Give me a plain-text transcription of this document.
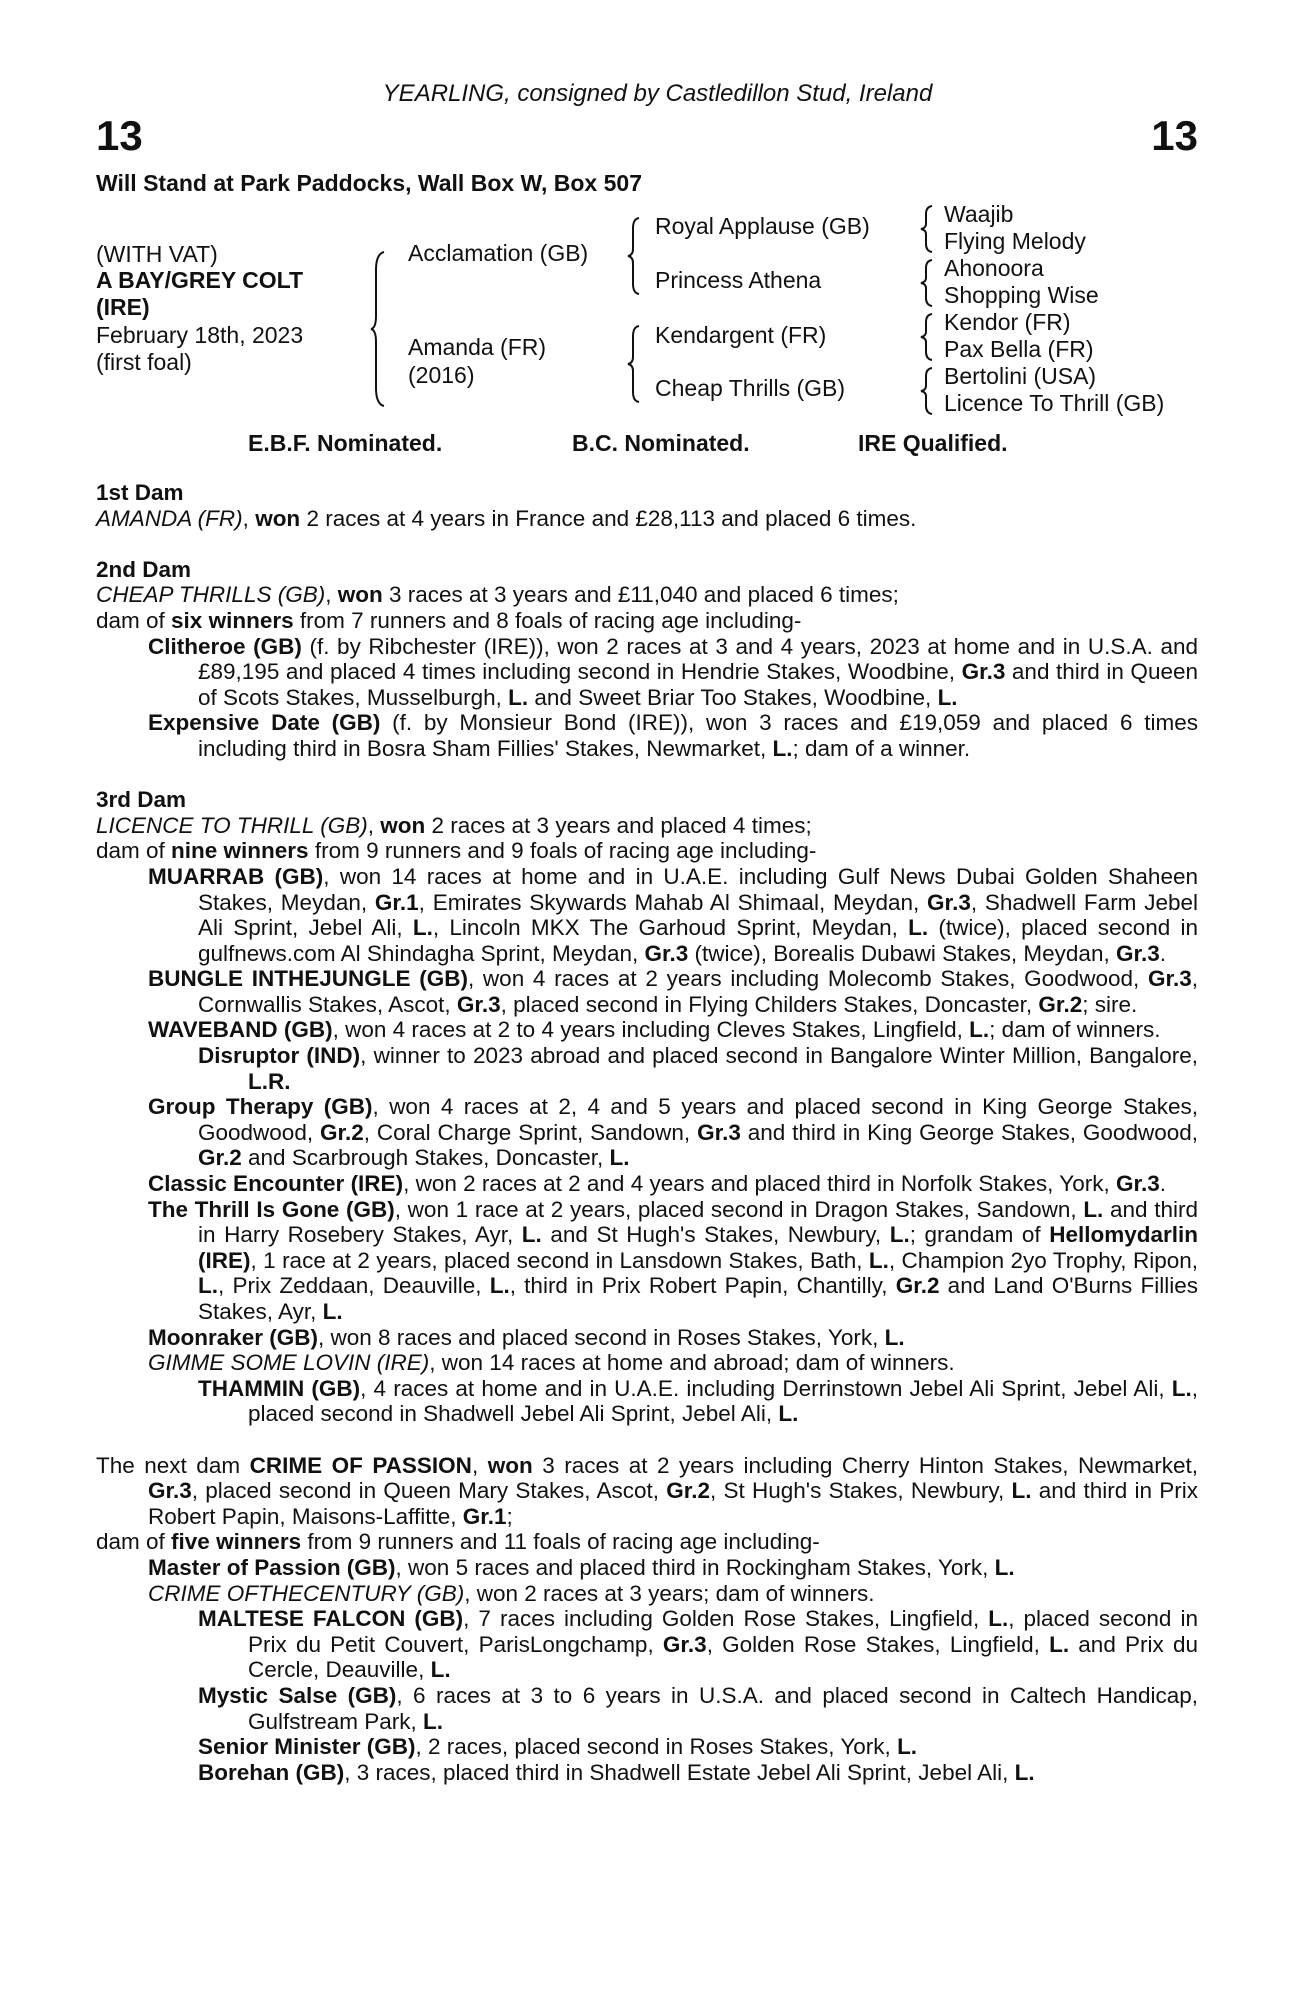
YEARLING, consigned by Castledillon Stud, Ireland
13	13
Will Stand at Park Paddocks, Wall Box W, Box 507
(WITH VAT)
A BAY/GREY COLT
(IRE)
February 18th, 2023
(first foal)
Acclamation (GB)
Amanda (FR)
(2016)
Royal Applause (GB)
Princess Athena
Kendargent (FR)
Cheap Thrills (GB)
Waajib
Flying Melody
Ahonoora
Shopping Wise
Kendor (FR)
Pax Bella (FR)
Bertolini (USA)
Licence To Thrill (GB)
E.B.F. Nominated.	B.C. Nominated.	IRE Qualified.
1st Dam
AMANDA (FR), won 2 races at 4 years in France and £28,113 and placed 6 times.
2nd Dam
CHEAP THRILLS (GB), won 3 races at 3 years and £11,040 and placed 6 times;
dam of six winners from 7 runners and 8 foals of racing age including-
Clitheroe (GB) (f. by Ribchester (IRE)), won 2 races at 3 and 4 years, 2023 at home and in U.S.A. and £89,195 and placed 4 times including second in Hendrie Stakes, Woodbine, Gr.3 and third in Queen of Scots Stakes, Musselburgh, L. and Sweet Briar Too Stakes, Woodbine, L.
Expensive Date (GB) (f. by Monsieur Bond (IRE)), won 3 races and £19,059 and placed 6 times including third in Bosra Sham Fillies' Stakes, Newmarket, L.; dam of a winner.
3rd Dam
LICENCE TO THRILL (GB), won 2 races at 3 years and placed 4 times;
dam of nine winners from 9 runners and 9 foals of racing age including-
MUARRAB (GB), won 14 races at home and in U.A.E. including Gulf News Dubai Golden Shaheen Stakes, Meydan, Gr.1, Emirates Skywards Mahab Al Shimaal, Meydan, Gr.3, Shadwell Farm Jebel Ali Sprint, Jebel Ali, L., Lincoln MKX The Garhoud Sprint, Meydan, L. (twice), placed second in gulfnews.com Al Shindagha Sprint, Meydan, Gr.3 (twice), Borealis Dubawi Stakes, Meydan, Gr.3.
BUNGLE INTHEJUNGLE (GB), won 4 races at 2 years including Molecomb Stakes, Goodwood, Gr.3, Cornwallis Stakes, Ascot, Gr.3, placed second in Flying Childers Stakes, Doncaster, Gr.2; sire.
WAVEBAND (GB), won 4 races at 2 to 4 years including Cleves Stakes, Lingfield, L.; dam of winners.
Disruptor (IND), winner to 2023 abroad and placed second in Bangalore Winter Million, Bangalore, L.R.
Group Therapy (GB), won 4 races at 2, 4 and 5 years and placed second in King George Stakes, Goodwood, Gr.2, Coral Charge Sprint, Sandown, Gr.3 and third in King George Stakes, Goodwood, Gr.2 and Scarbrough Stakes, Doncaster, L.
Classic Encounter (IRE), won 2 races at 2 and 4 years and placed third in Norfolk Stakes, York, Gr.3.
The Thrill Is Gone (GB), won 1 race at 2 years, placed second in Dragon Stakes, Sandown, L. and third in Harry Rosebery Stakes, Ayr, L. and St Hugh's Stakes, Newbury, L.; grandam of Hellomydarlin (IRE), 1 race at 2 years, placed second in Lansdown Stakes, Bath, L., Champion 2yo Trophy, Ripon, L., Prix Zeddaan, Deauville, L., third in Prix Robert Papin, Chantilly, Gr.2 and Land O'Burns Fillies Stakes, Ayr, L.
Moonraker (GB), won 8 races and placed second in Roses Stakes, York, L.
GIMME SOME LOVIN (IRE), won 14 races at home and abroad; dam of winners.
THAMMIN (GB), 4 races at home and in U.A.E. including Derrinstown Jebel Ali Sprint, Jebel Ali, L., placed second in Shadwell Jebel Ali Sprint, Jebel Ali, L.
The next dam CRIME OF PASSION, won 3 races at 2 years including Cherry Hinton Stakes, Newmarket, Gr.3, placed second in Queen Mary Stakes, Ascot, Gr.2, St Hugh's Stakes, Newbury, L. and third in Prix Robert Papin, Maisons-Laffitte, Gr.1;
dam of five winners from 9 runners and 11 foals of racing age including-
Master of Passion (GB), won 5 races and placed third in Rockingham Stakes, York, L.
CRIME OFTHECENTURY (GB), won 2 races at 3 years; dam of winners.
MALTESE FALCON (GB), 7 races including Golden Rose Stakes, Lingfield, L., placed second in Prix du Petit Couvert, ParisLongchamp, Gr.3, Golden Rose Stakes, Lingfield, L. and Prix du Cercle, Deauville, L.
Mystic Salse (GB), 6 races at 3 to 6 years in U.S.A. and placed second in Caltech Handicap, Gulfstream Park, L.
Senior Minister (GB), 2 races, placed second in Roses Stakes, York, L.
Borehan (GB), 3 races, placed third in Shadwell Estate Jebel Ali Sprint, Jebel Ali, L.
